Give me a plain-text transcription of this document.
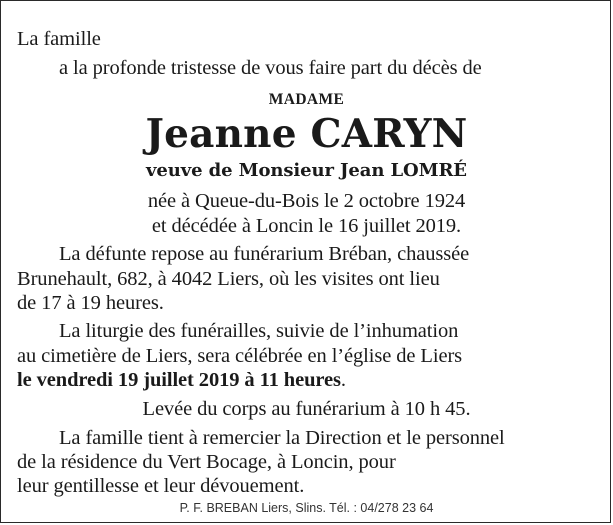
La famille
a la profonde tristesse de vous faire part du décès de
MADAME
Jeanne CARYN
veuve de Monsieur Jean LOMRÉ
née à Queue-du-Bois le 2 octobre 1924
et décédée à Loncin le 16 juillet 2019.
La défunte repose au funérarium Bréban, chaussée
Brunehault, 682, à 4042 Liers, où les visites ont lieu
de 17 à 19 heures.
La liturgie des funérailles, suivie de l’inhumation
au cimetière de Liers, sera célébrée en l’église de Liers
le vendredi 19 juillet 2019 à 11 heures.
Levée du corps au funérarium à 10 h 45.
La famille tient à remercier la Direction et le personnel
de la résidence du Vert Bocage, à Loncin, pour
leur gentillesse et leur dévouement.
P. F. BREBAN Liers, Slins. Tél. : 04/278 23 64
